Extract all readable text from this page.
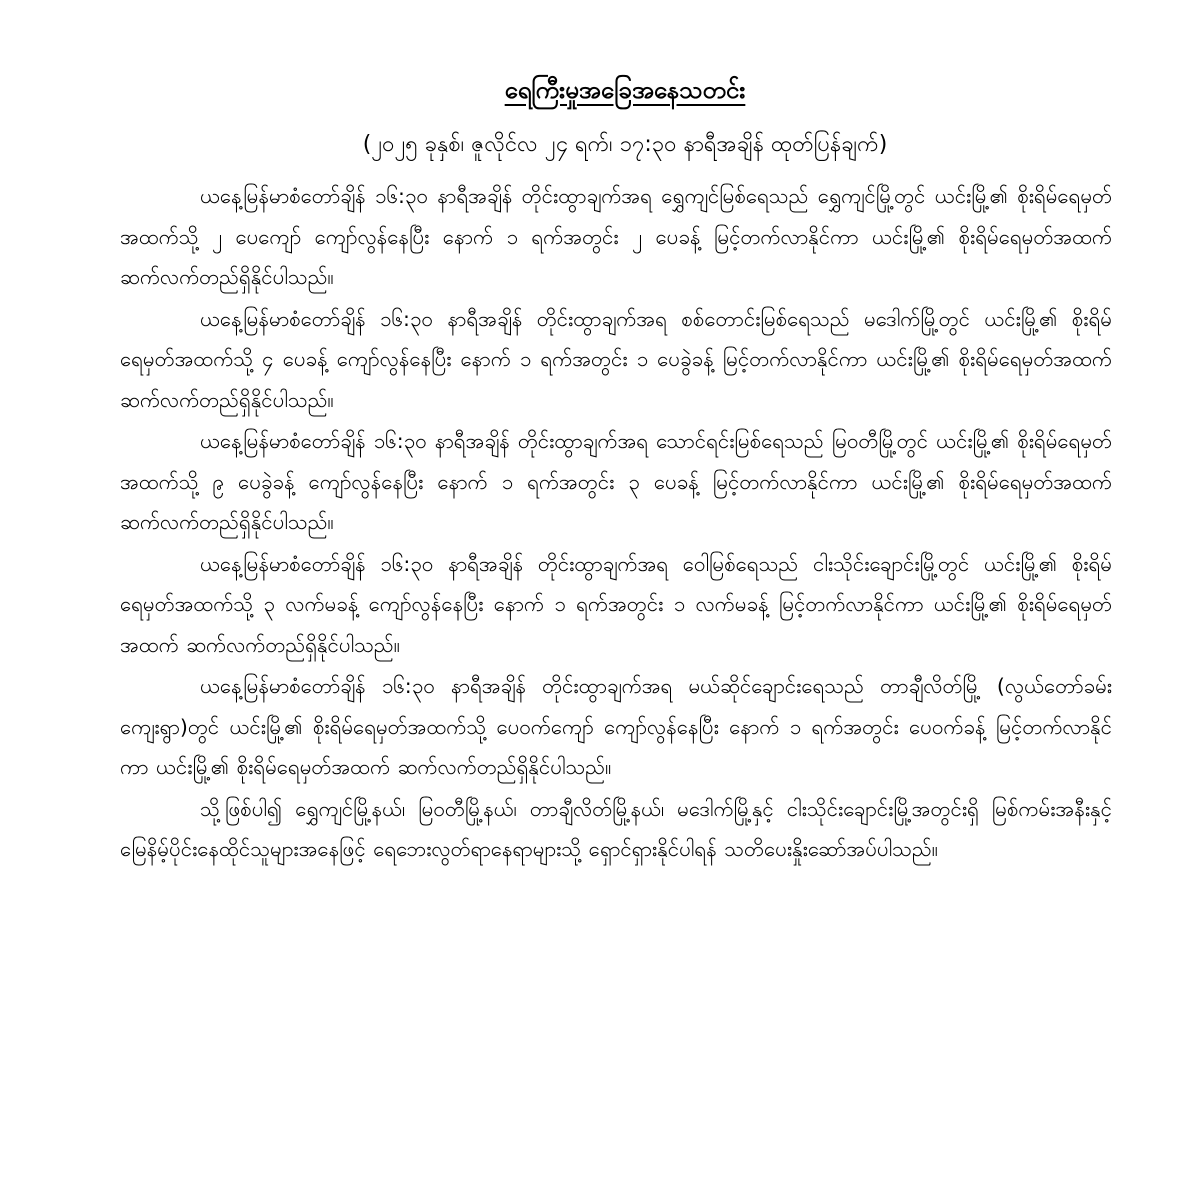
ရေကြီးမှုအခြေအနေသတင်း
(၂၀၂၅ ခုနှစ်၊ ဇူလိုင်လ ၂၄ ရက်၊ ၁၇:၃၀ နာရီအချိန် ထုတ်ပြန်ချက်)

ယနေ့မြန်မာစံတော်ချိန် ၁၆:၃၀ နာရီအချိန် တိုင်းထွာချက်အရ ရွှေကျင်မြစ်ရေသည် ရွှေကျင်မြို့တွင် ယင်းမြို့၏ စိုးရိမ်ရေမှတ်အထက်သို့ ၂ ပေကျော် ကျော်လွန်နေပြီး နောက် ၁ ရက်အတွင်း ၂ ပေခန့် မြင့်တက်လာနိုင်ကာ ယင်းမြို့၏ စိုးရိမ်ရေမှတ်အထက် ဆက်လက်တည်ရှိနိုင်ပါသည်။

ယနေ့မြန်မာစံတော်ချိန် ၁၆:၃၀ နာရီအချိန် တိုင်းထွာချက်အရ စစ်တောင်းမြစ်ရေသည် မဒေါက်မြို့တွင် ယင်းမြို့၏ စိုးရိမ်ရေမှတ်အထက်သို့ ၄ ပေခန့် ကျော်လွန်နေပြီး နောက် ၁ ရက်အတွင်း ၁ ပေခွဲခန့် မြင့်တက်လာနိုင်ကာ ယင်းမြို့၏ စိုးရိမ်ရေမှတ်အထက် ဆက်လက်တည်ရှိနိုင်ပါသည်။

ယနေ့မြန်မာစံတော်ချိန် ၁၆:၃၀ နာရီအချိန် တိုင်းထွာချက်အရ သောင်ရင်းမြစ်ရေသည် မြဝတီမြို့တွင် ယင်းမြို့၏ စိုးရိမ်ရေမှတ်အထက်သို့ ၉ ပေခွဲခန့် ကျော်လွန်နေပြီး နောက် ၁ ရက်အတွင်း ၃ ပေခန့် မြင့်တက်လာနိုင်ကာ ယင်းမြို့၏ စိုးရိမ်ရေမှတ်အထက် ဆက်လက်တည်ရှိနိုင်ပါသည်။

ယနေ့မြန်မာစံတော်ချိန် ၁၆:၃၀ နာရီအချိန် တိုင်းထွာချက်အရ ဝေါမြစ်ရေသည် ငါးသိုင်းချောင်းမြို့တွင် ယင်းမြို့၏ စိုးရိမ်ရေမှတ်အထက်သို့ ၃ လက်မခန့် ကျော်လွန်နေပြီး နောက် ၁ ရက်အတွင်း ၁ လက်မခန့် မြင့်တက်လာနိုင်ကာ ယင်းမြို့၏ စိုးရိမ်ရေမှတ်အထက် ဆက်လက်တည်ရှိနိုင်ပါသည်။

ယနေ့မြန်မာစံတော်ချိန် ၁၆:၃၀ နာရီအချိန် တိုင်းထွာချက်အရ မယ်ဆိုင်ချောင်းရေသည် တာချီလိတ်မြို့ (လွယ်တော်ခမ်းကျေးရွာ)တွင် ယင်းမြို့၏ စိုးရိမ်ရေမှတ်အထက်သို့ ပေဝက်ကျော် ကျော်လွန်နေပြီး နောက် ၁ ရက်အတွင်း ပေဝက်ခန့် မြင့်တက်လာနိုင်ကာ ယင်းမြို့၏ စိုးရိမ်ရေမှတ်အထက် ဆက်လက်တည်ရှိနိုင်ပါသည်။

သို့ဖြစ်ပါ၍ ရွှေကျင်မြို့နယ်၊ မြဝတီမြို့နယ်၊ တာချီလိတ်မြို့နယ်၊ မဒေါက်မြို့နှင့် ငါးသိုင်းချောင်းမြို့အတွင်းရှိ မြစ်ကမ်းအနီးနှင့် မြေနိမ့်ပိုင်းနေထိုင်သူများအနေဖြင့် ရေဘေးလွတ်ရာနေရာများသို့ ရှောင်ရှားနိုင်ပါရန် သတိပေးနှိုးဆော်အပ်ပါသည်။
